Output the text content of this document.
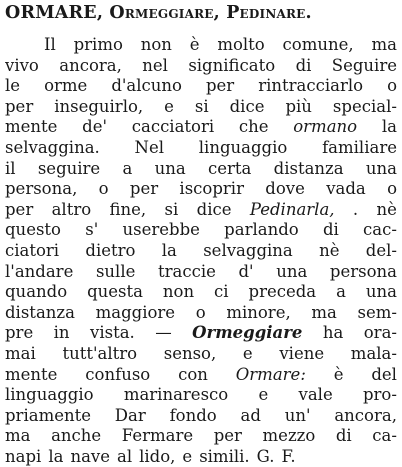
ORMARE, Ormeggiare, Pedinare.
Il primo non è molto comune, ma
vivo ancora, nel significato di Seguire
le orme d'alcuno per rintracciarlo o
per inseguirlo, e si dice più special-
mente de' cacciatori che ormano la
selvaggina. Nel linguaggio familiare
il seguire a una certa distanza una
persona, o per iscoprir dove vada o
per altro fine, si dice Pedinarla, . nè
questo s' userebbe parlando di cac-
ciatori dietro la selvaggina nè del-
l'andare sulle traccie d' una persona
quando questa non ci preceda a una
distanza maggiore o minore, ma sem-
pre in vista. — Ormeggiare ha ora-
mai tutt'altro senso, e viene mala-
mente confuso con Ormare: è del
linguaggio marinaresco e vale pro-
priamente Dar fondo ad un' ancora,
ma anche Fermare per mezzo di ca-
napi la nave al lido, e simili. G. F.
